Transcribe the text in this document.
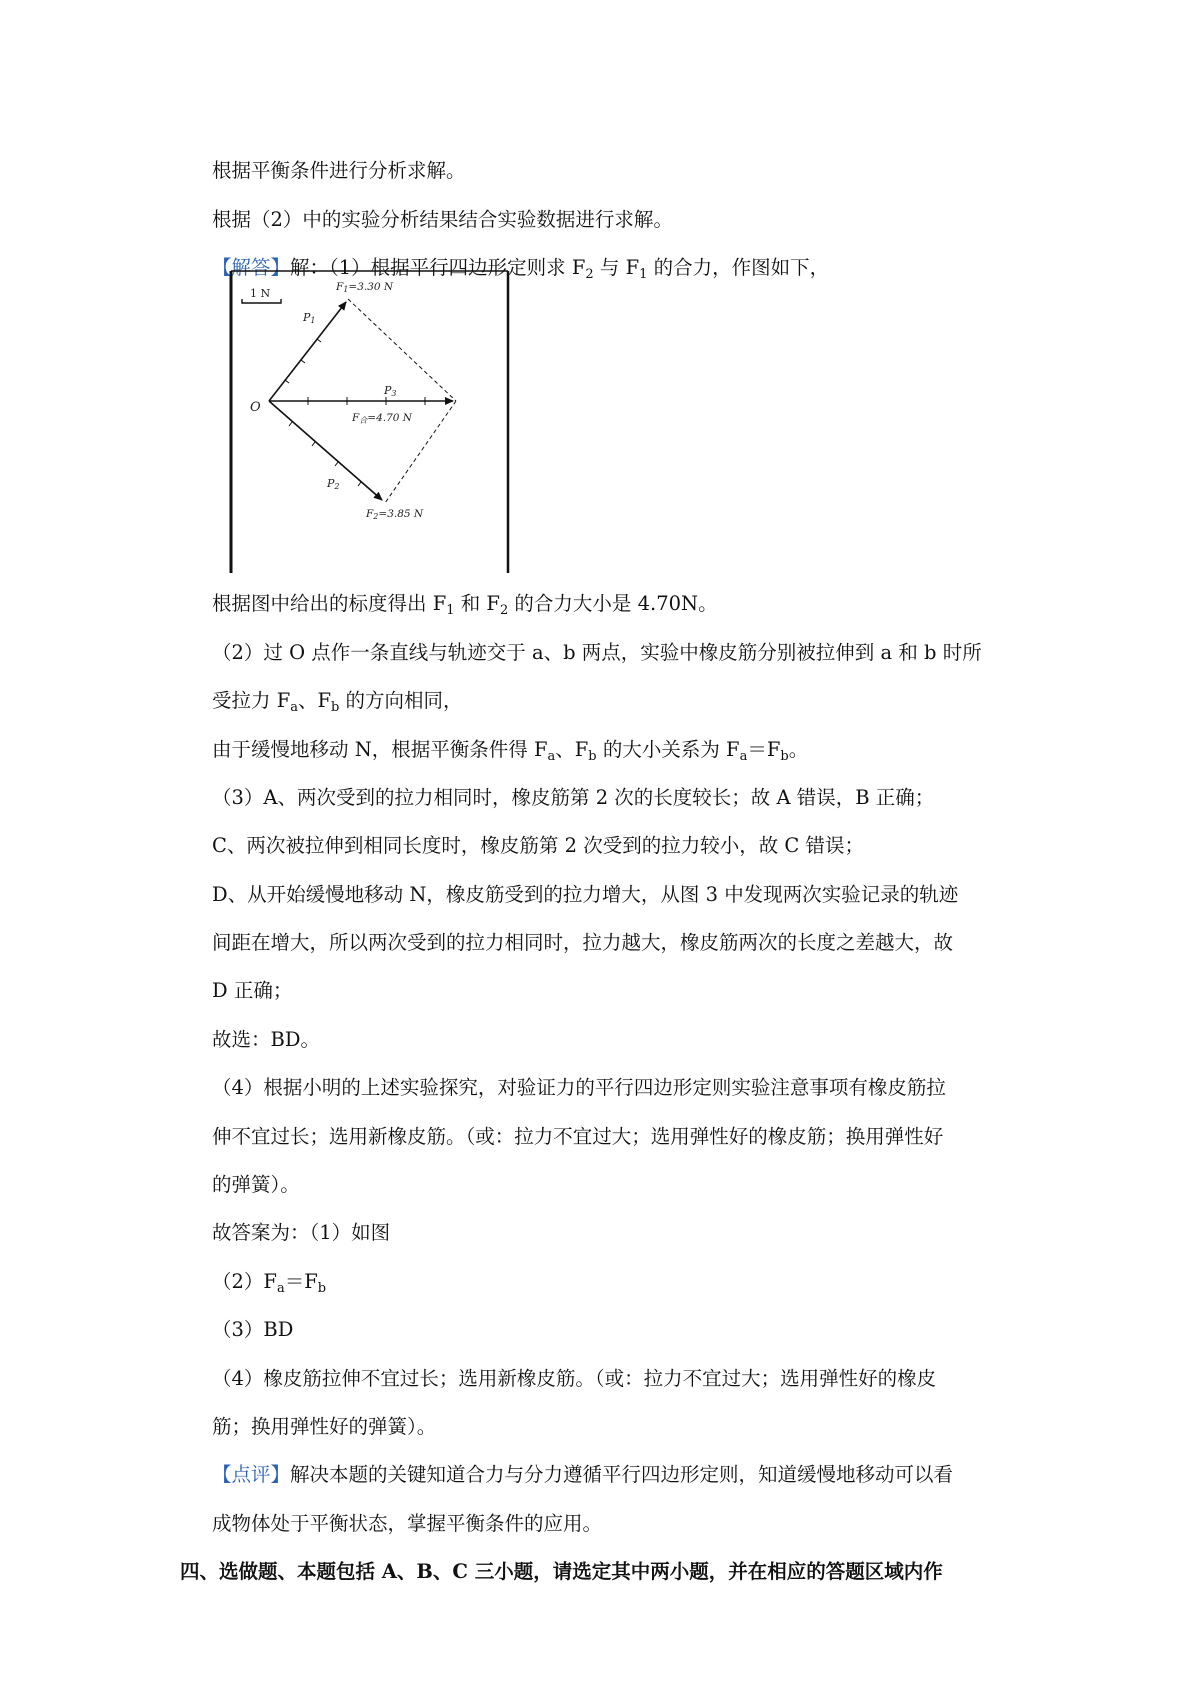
根据平衡条件进行分析求解。
根据（2）中的实验分析结果结合实验数据进行求解。
【解答】解：（1）根据平行四边形定则求 $F_2$ 与 $F_1$ 的合力，作图如下，
1 N
O
P1
P2
P3
F1=3.30 N
F2=3.85 N
F合=4.70 N
根据图中给出的标度得出 $F_1$ 和 $F_2$ 的合力大小是 4.70N。
（2）过 O 点作一条直线与轨迹交于 a、b 两点，实验中橡皮筋分别被拉伸到 a 和 b 时所
受拉力 $F_a$、$F_b$ 的方向相同，
由于缓慢地移动 N，根据平衡条件得 $F_a$、$F_b$ 的大小关系为 $F_a=F_b$。
（3）A、两次受到的拉力相同时，橡皮筋第 2 次的长度较长；故 A 错误，B 正确；
C、两次被拉伸到相同长度时，橡皮筋第 2 次受到的拉力较小，故 C 错误；
D、从开始缓慢地移动 N，橡皮筋受到的拉力增大，从图 3 中发现两次实验记录的轨迹
间距在增大，所以两次受到的拉力相同时，拉力越大，橡皮筋两次的长度之差越大，故
D 正确；
故选：BD。
（4）根据小明的上述实验探究，对验证力的平行四边形定则实验注意事项有橡皮筋拉
伸不宜过长；选用新橡皮筋。（或：拉力不宜过大；选用弹性好的橡皮筋；换用弹性好
的弹簧）。
故答案为：（1）如图
$(2)F_a=F_b$
（3）BD
（4）橡皮筋拉伸不宜过长；选用新橡皮筋。（或：拉力不宜过大；选用弹性好的橡皮
筋；换用弹性好的弹簧）。
【点评】解决本题的关键知道合力与分力遵循平行四边形定则，知道缓慢地移动可以看
成物体处于平衡状态，掌握平衡条件的应用。
四、选做题、本题包括 A、B、C 三小题，请选定其中两小题，并在相应的答题区域内作
